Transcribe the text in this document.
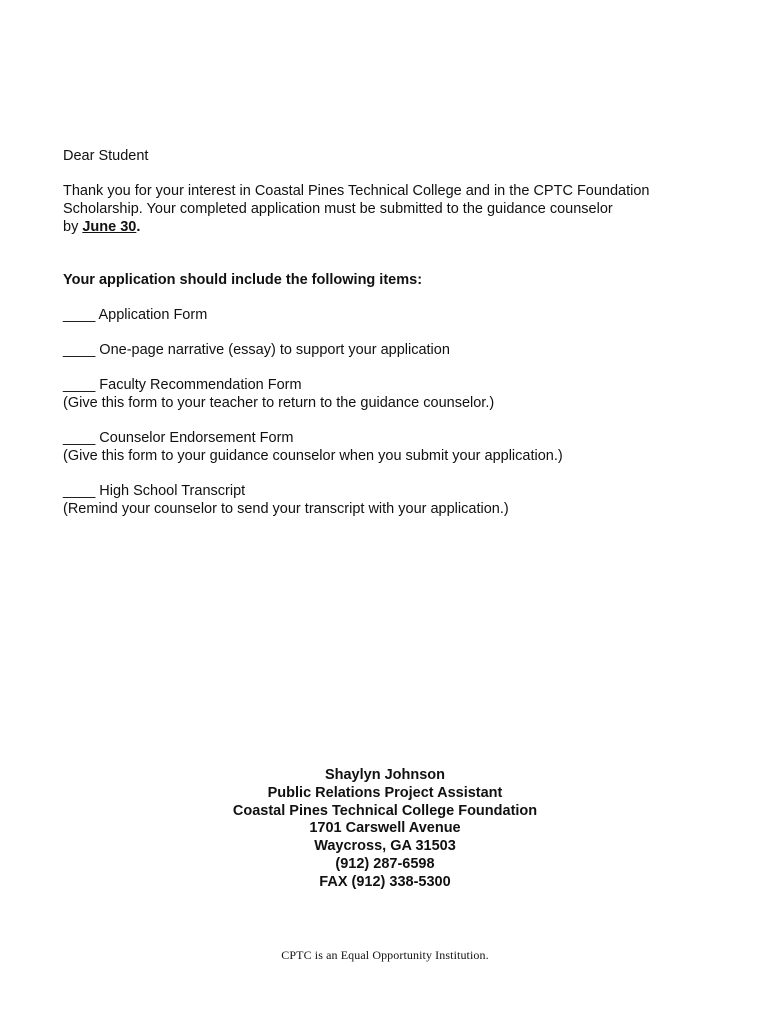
Dear Student

Thank you for your interest in Coastal Pines Technical College and in the CPTC Foundation
Scholarship. Your completed application must be submitted to the guidance counselor
by June 30.

Your application should include the following items:

____ Application Form
____ One-page narrative (essay) to support your application
____ Faculty Recommendation Form
(Give this form to your teacher to return to the guidance counselor.)
____ Counselor Endorsement Form
(Give this form to your guidance counselor when you submit your application.)
____ High School Transcript
(Remind your counselor to send your transcript with your application.)
Shaylyn Johnson
Public Relations Project Assistant
Coastal Pines Technical College Foundation
1701 Carswell Avenue
Waycross, GA 31503
(912) 287-6598
FAX (912) 338-5300
CPTC is an Equal Opportunity Institution.
